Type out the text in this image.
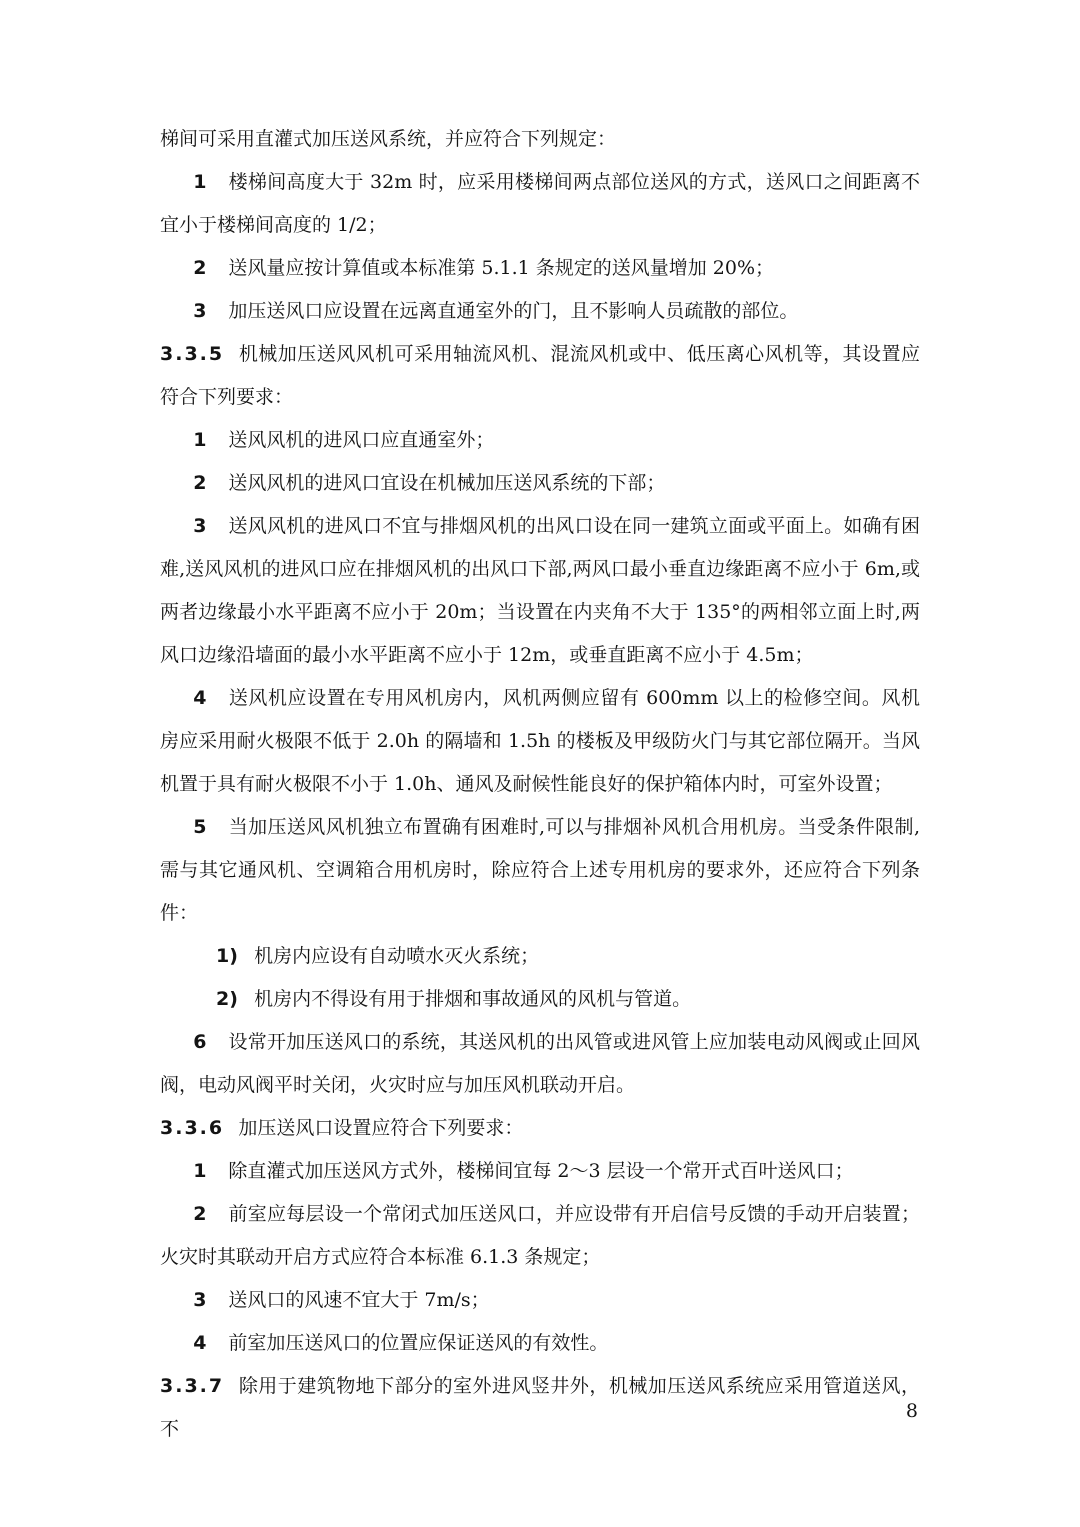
梯间可采用直灌式加压送风系统，并应符合下列规定：

1 楼梯间高度大于 32m 时，应采用楼梯间两点部位送风的方式，送风口之间距离不宜小于楼梯间高度的 1/2；

2 送风量应按计算值或本标准第 5.1.1 条规定的送风量增加 20%；

3 加压送风口应设置在远离直通室外的门，且不影响人员疏散的部位。

3.3.5 机械加压送风风机可采用轴流风机、混流风机或中、低压离心风机等，其设置应符合下列要求：

1 送风风机的进风口应直通室外；

2 送风风机的进风口宜设在机械加压送风系统的下部；

3 送风风机的进风口不宜与排烟风机的出风口设在同一建筑立面或平面上。如确有困难,送风风机的进风口应在排烟风机的出风口下部,两风口最小垂直边缘距离不应小于 6m,或两者边缘最小水平距离不应小于 20m；当设置在内夹角不大于 135°的两相邻立面上时,两风口边缘沿墙面的最小水平距离不应小于 12m，或垂直距离不应小于 4.5m；

4 送风机应设置在专用风机房内，风机两侧应留有 600mm 以上的检修空间。风机房应采用耐火极限不低于 2.0h 的隔墙和 1.5h 的楼板及甲级防火门与其它部位隔开。当风机置于具有耐火极限不小于 1.0h、通风及耐候性能良好的保护箱体内时，可室外设置；

5 当加压送风风机独立布置确有困难时,可以与排烟补风机合用机房。当受条件限制,需与其它通风机、空调箱合用机房时，除应符合上述专用机房的要求外，还应符合下列条件：

1) 机房内应设有自动喷水灭火系统；

2) 机房内不得设有用于排烟和事故通风的风机与管道。

6 设常开加压送风口的系统，其送风机的出风管或进风管上应加装电动风阀或止回风阀，电动风阀平时关闭，火灾时应与加压风机联动开启。

3.3.6 加压送风口设置应符合下列要求：

1 除直灌式加压送风方式外，楼梯间宜每 2～3 层设一个常开式百叶送风口；

2 前室应每层设一个常闭式加压送风口，并应设带有开启信号反馈的手动开启装置；火灾时其联动开启方式应符合本标准 6.1.3 条规定；

3 送风口的风速不宜大于 7m/s；

4 前室加压送风口的位置应保证送风的有效性。

3.3.7 除用于建筑物地下部分的室外进风竖井外，机械加压送风系统应采用管道送风，不

8
